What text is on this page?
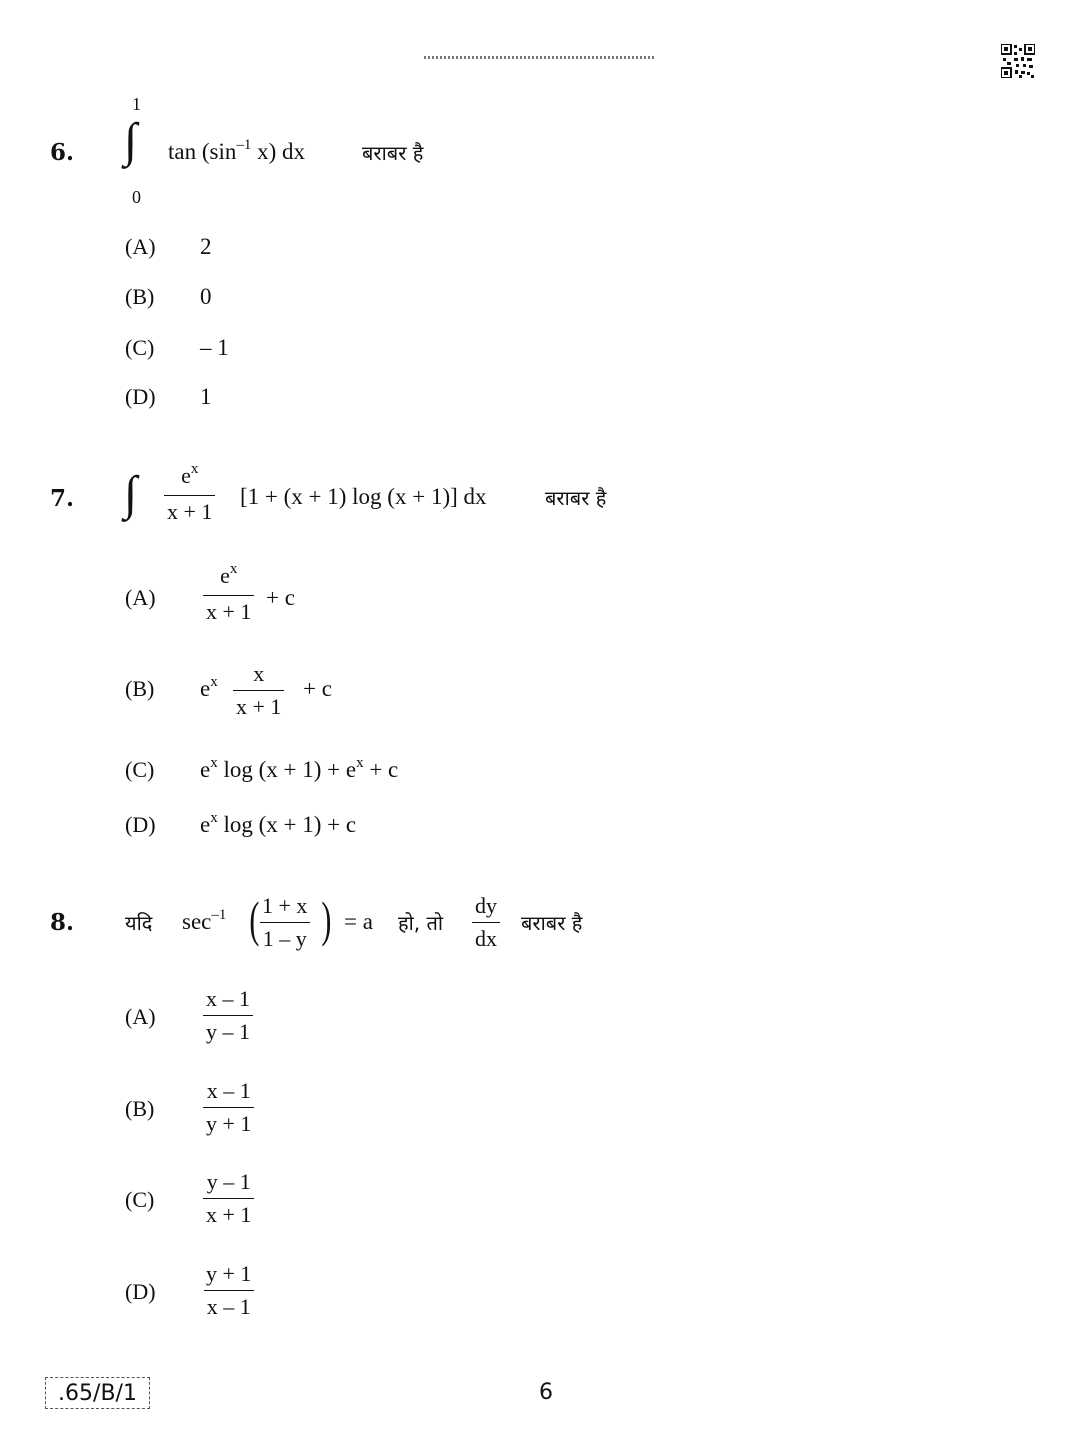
6.
1
∫
0
$\tan (\sin^{-1}$ x) dx	बराबर है
(A) 2
(B) 0
(C) – 1
(D) 1
7. ∫ $\frac{e^x}{x + 1} [1 + (x + 1)$ log (x + 1)] dx	बराबर है
$(A) \frac{e^x}{x + 1} + c$
(B) $e^x \frac{x}{x + 1} + c$
(C) $e^x$ $\log (x + 1) + e^x + c$
(D) $e^x$ log (x + 1) + c
8.	यदि $\sec^{-1}$ ( $\frac{1 + x}{1 - y}$ ) = a हो, तो $\frac{dy}{dx}$ बराबर है
$(A) \frac{x - 1}{y - 1}$
$(B) \frac{x - 1}{y + 1}$
$(C) \frac{y - 1}{x + 1}$
$(D) \frac{y + 1}{x - 1}$
.65/B/1	6
